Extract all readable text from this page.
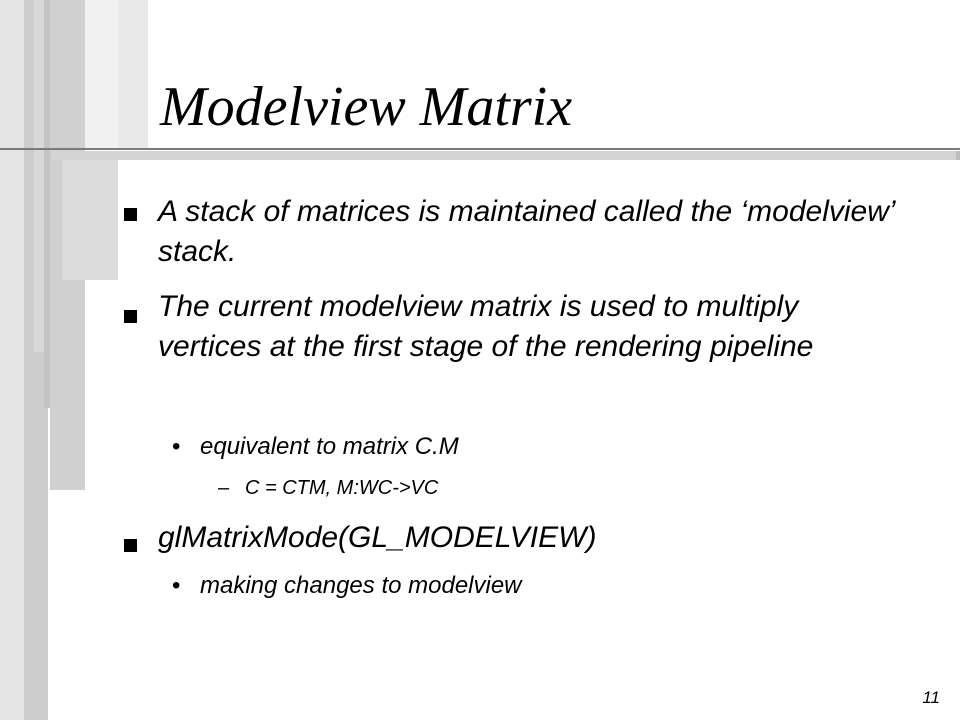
Modelview Matrix
A stack of matrices is maintained called the ‘modelview’ stack.
The current modelview matrix is used to multiply vertices at the first stage of the rendering pipeline
• equivalent to matrix C.M
– C = CTM, M:WC->VC
glMatrixMode(GL_MODELVIEW)
• making changes to modelview
11
